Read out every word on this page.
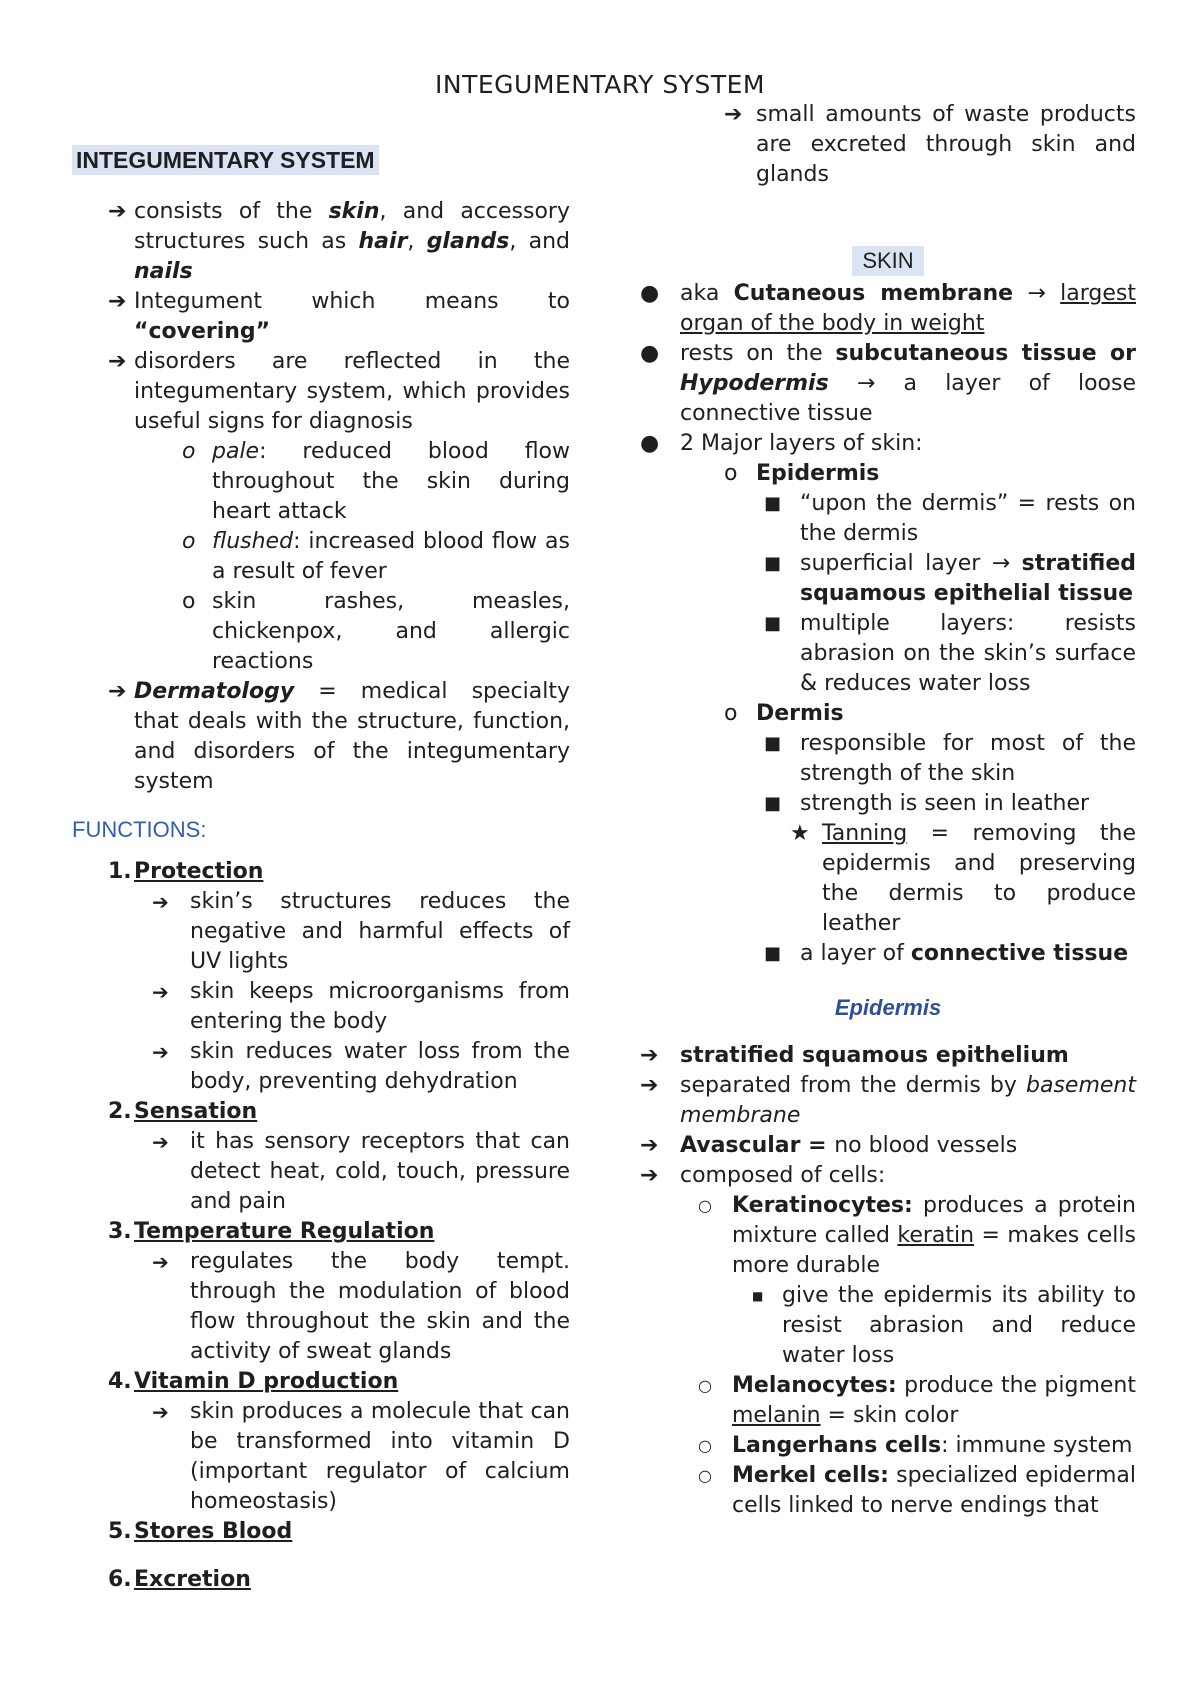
INTEGUMENTARY SYSTEM

INTEGUMENTARY SYSTEM

➔ consists of the skin, and accessory structures such as hair, glands, and nails
➔ Integument which means to
“covering”
➔ disorders are reflected in the integumentary system, which provides useful signs for diagnosis
o pale: reduced blood flow throughout the skin during heart attack
o flushed: increased blood flow as a result of fever
o skin rashes, measles, chickenpox, and allergic reactions
➔ Dermatology = medical specialty that deals with the structure, function, and disorders of the integumentary system

FUNCTIONS:

1. Protection
➔ skin’s structures reduces the negative and harmful effects of UV lights
➔ skin keeps microorganisms from entering the body
➔ skin reduces water loss from the body, preventing dehydration
2. Sensation
➔ it has sensory receptors that can detect heat, cold, touch, pressure and pain
3. Temperature Regulation
➔ regulates the body tempt. through the modulation of blood flow throughout the skin and the activity of sweat glands
4. Vitamin D production
➔ skin produces a molecule that can be transformed into vitamin D (important regulator of calcium homeostasis)
5. Stores Blood
6. Excretion
➔ small amounts of waste products are excreted through skin and glands
SKIN
● aka Cutaneous membrane → largest organ of the body in weight
● rests on the subcutaneous tissue or Hypodermis → a layer of loose connective tissue
● 2 Major layers of skin:
o Epidermis
■ “upon the dermis” = rests on the dermis
■ superficial layer → stratified squamous epithelial tissue
■ multiple layers: resists abrasion on the skin’s surface & reduces water loss
o Dermis
■ responsible for most of the strength of the skin
■ strength is seen in leather
★ Tanning = removing the epidermis and preserving the dermis to produce leather
■ a layer of connective tissue

Epidermis

➔ stratified squamous epithelium
➔ separated from the dermis by basement membrane
➔ Avascular = no blood vessels
➔ composed of cells:
○ Keratinocytes: produces a protein mixture called keratin = makes cells more durable
■ give the epidermis its ability to resist abrasion and reduce water loss
○ Melanocytes: produce the pigment melanin = skin color
○ Langerhans cells: immune system
○ Merkel cells: specialized epidermal cells linked to nerve endings that
